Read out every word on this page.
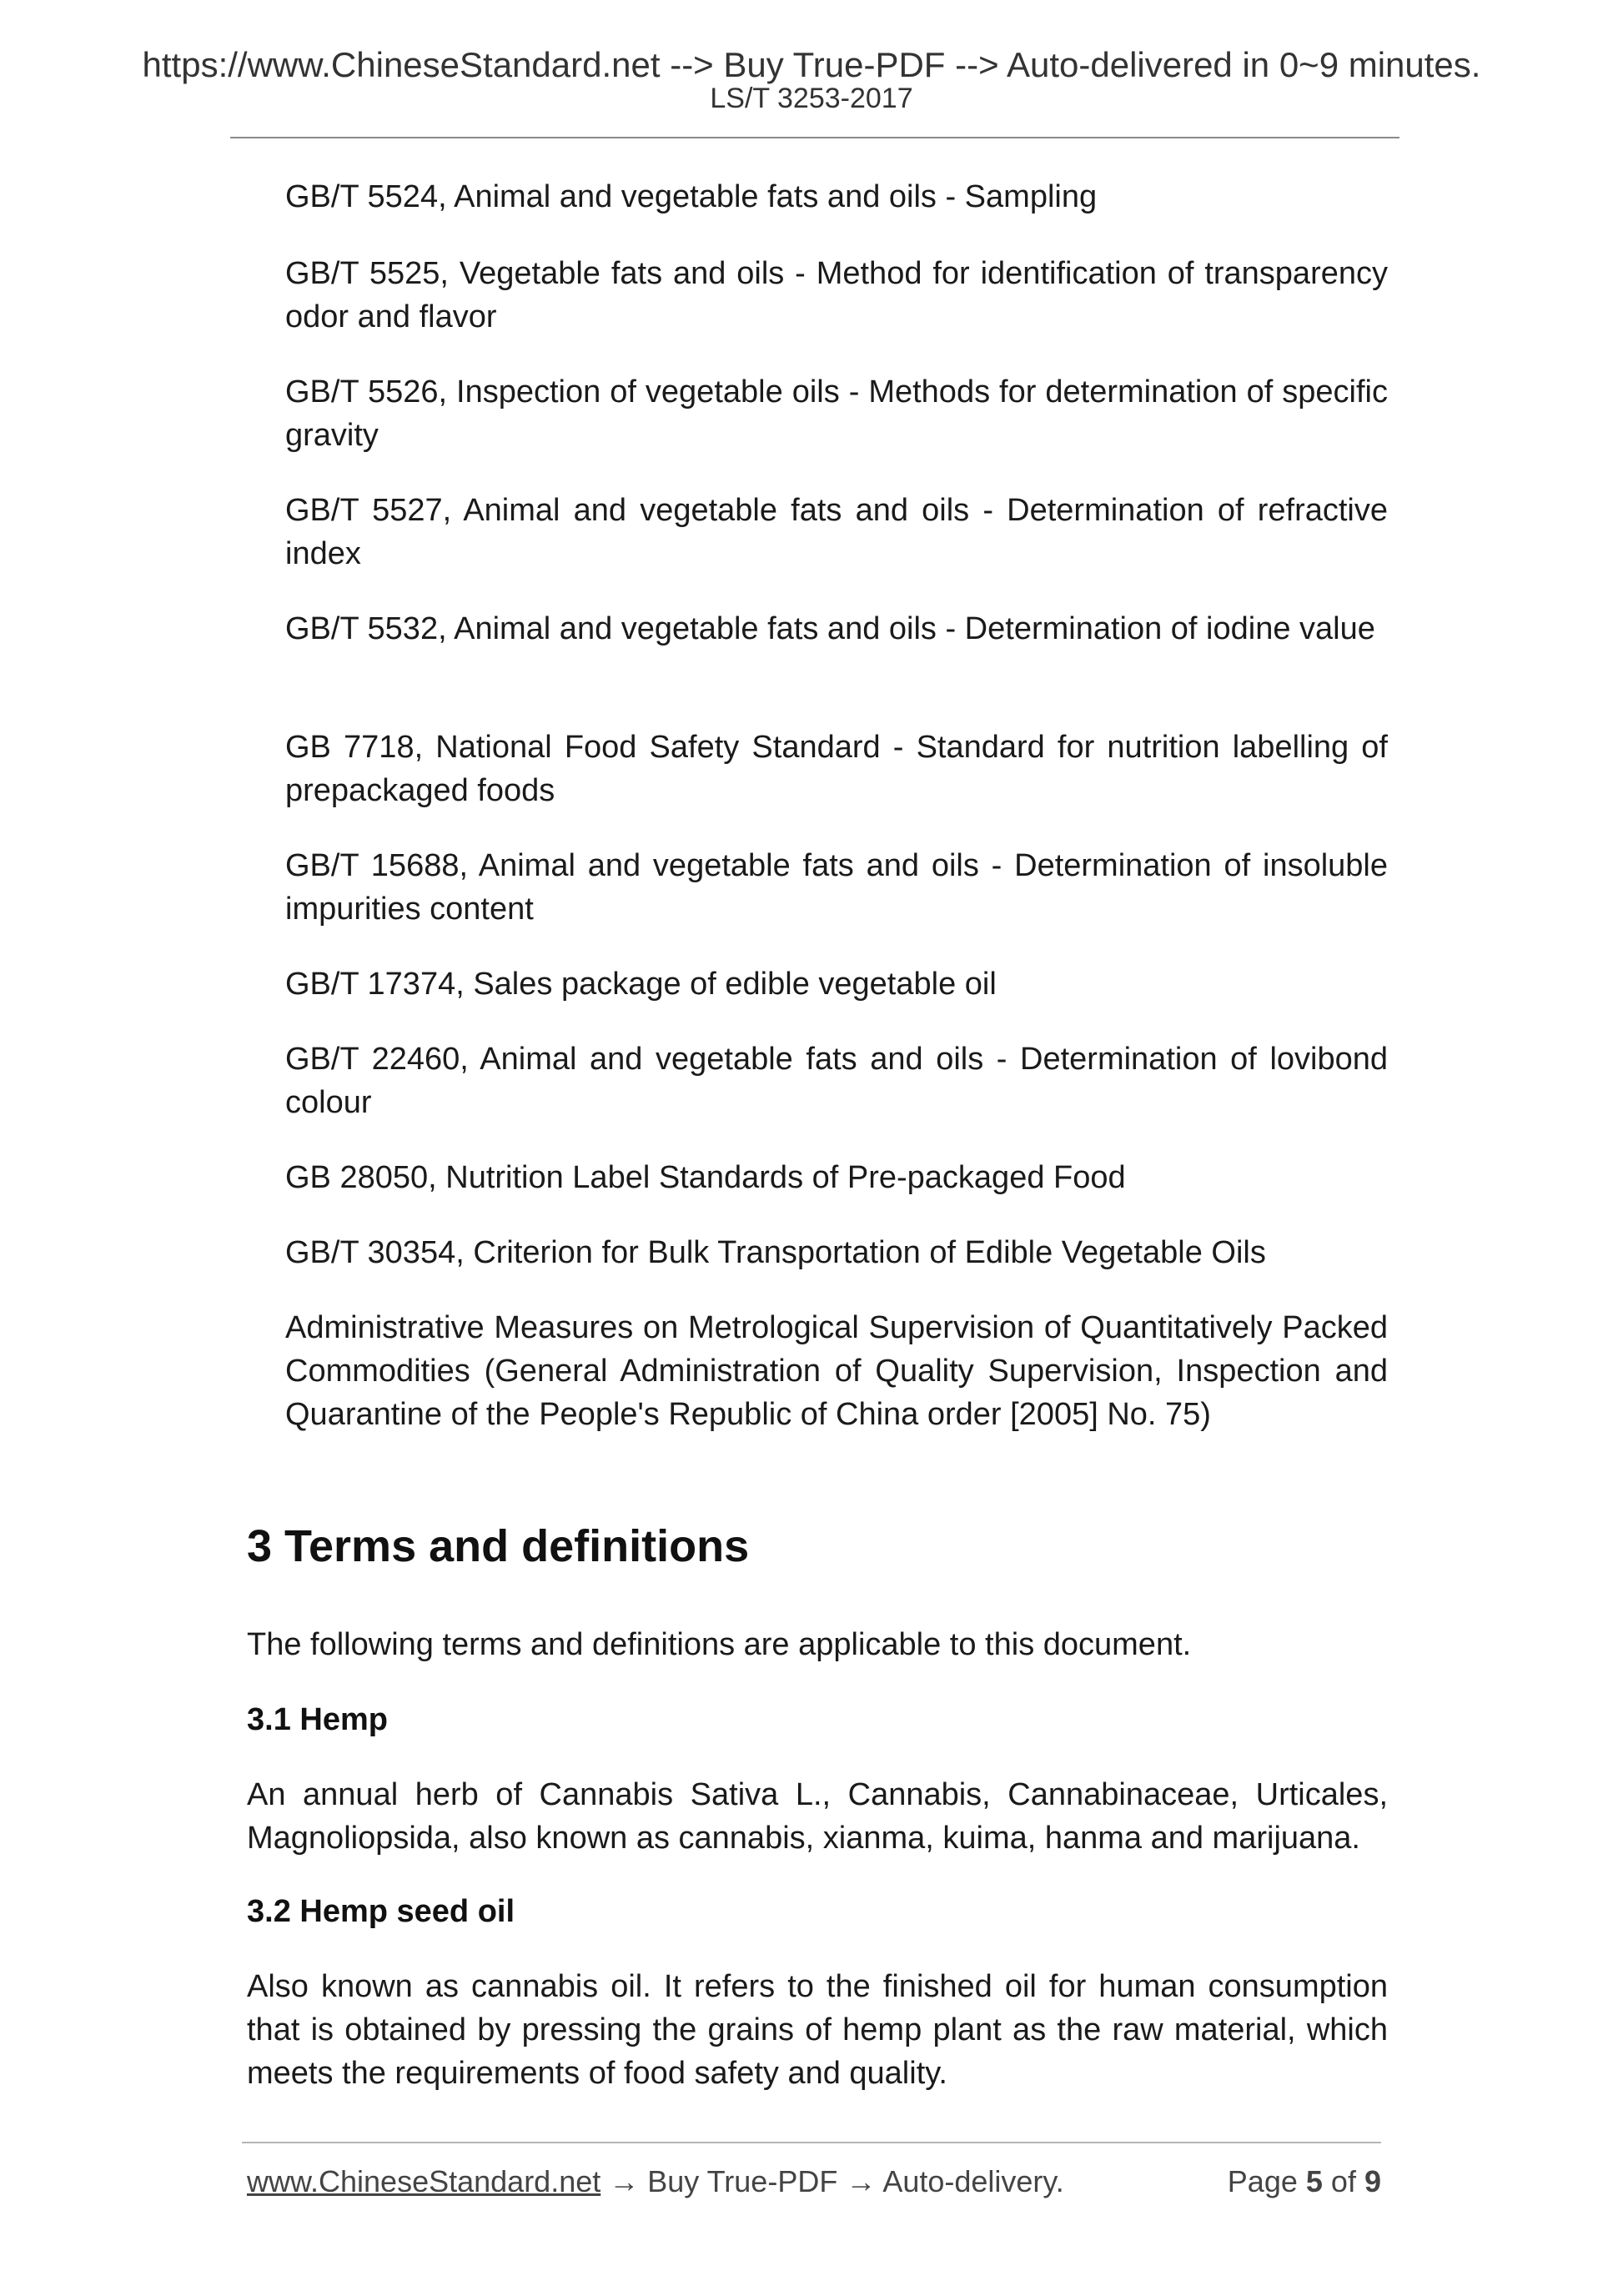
https://www.ChineseStandard.net --> Buy True-PDF --> Auto-delivered in 0~9 minutes.
LS/T 3253-2017
GB/T 5524, Animal and vegetable fats and oils - Sampling
GB/T 5525, Vegetable fats and oils - Method for identification of transparency odor and flavor
GB/T 5526, Inspection of vegetable oils - Methods for determination of specific gravity
GB/T 5527, Animal and vegetable fats and oils - Determination of refractive index
GB/T 5532, Animal and vegetable fats and oils - Determination of iodine value
GB 7718, National Food Safety Standard - Standard for nutrition labelling of prepackaged foods
GB/T 15688, Animal and vegetable fats and oils - Determination of insoluble impurities content
GB/T 17374, Sales package of edible vegetable oil
GB/T 22460, Animal and vegetable fats and oils - Determination of lovibond colour
GB 28050, Nutrition Label Standards of Pre-packaged Food
GB/T 30354, Criterion for Bulk Transportation of Edible Vegetable Oils
Administrative Measures on Metrological Supervision of Quantitatively Packed Commodities (General Administration of Quality Supervision, Inspection and Quarantine of the People's Republic of China order [2005] No. 75)
3 Terms and definitions
The following terms and definitions are applicable to this document.
3.1 Hemp
An annual herb of Cannabis Sativa L., Cannabis, Cannabinaceae, Urticales, Magnoliopsida, also known as cannabis, xianma, kuima, hanma and marijuana.
3.2 Hemp seed oil
Also known as cannabis oil. It refers to the finished oil for human consumption that is obtained by pressing the grains of hemp plant as the raw material, which meets the requirements of food safety and quality.
www.ChineseStandard.net → Buy True-PDF → Auto-delivery.	Page 5 of 9
